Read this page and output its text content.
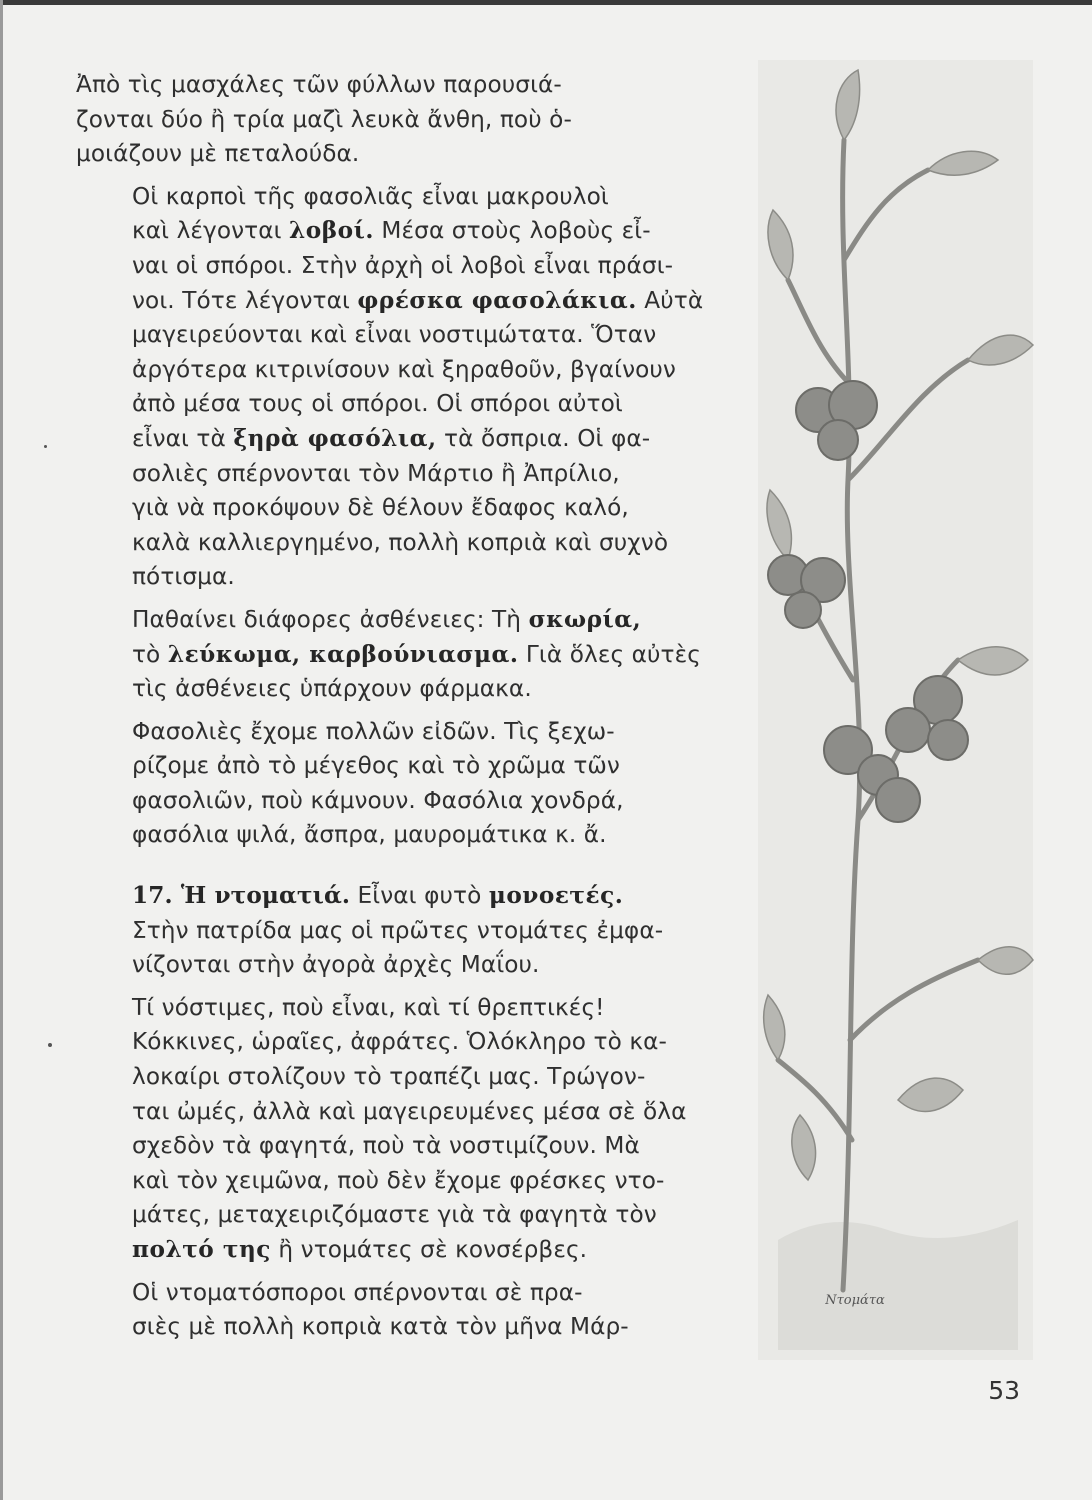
Ἀπὸ τὶς μασχάλες τῶν φύλλων παρουσιά-
ζονται δύο ἢ τρία μαζὶ λευκὰ ἄνθη, ποὺ ὁ-
μοιάζουν μὲ πεταλούδα.

Οἱ καρποὶ τῆς φασολιᾶς εἶναι μακρουλοὶ
καὶ λέγονται λοβοί. Μέσα στοὺς λοβοὺς εἶ-
ναι οἱ σπόροι. Στὴν ἀρχὴ οἱ λοβοὶ εἶναι πράσι-
νοι. Τότε λέγονται φρέσκα φασολάκια. Αὐτὰ
μαγειρεύονται καὶ εἶναι νοστιμώτατα. Ὅταν
ἀργότερα κιτρινίσουν καὶ ξηραθοῦν, βγαίνουν
ἀπὸ μέσα τους οἱ σπόροι. Οἱ σπόροι αὐτοὶ
εἶναι τὰ ξηρὰ φασόλια, τὰ ὄσπρια. Οἱ φα-
σολιὲς σπέρνονται τὸν Μάρτιο ἢ Ἀπρίλιο,
γιὰ νὰ προκόψουν δὲ θέλουν ἔδαφος καλό,
καλὰ καλλιεργημένο, πολλὴ κοπριὰ καὶ συχνὸ
πότισμα.

Παθαίνει διάφορες ἀσθένειες: Τὴ σκωρία,
τὸ λεύκωμα, καρβούνιασμα. Γιὰ ὅλες αὐτὲς
τὶς ἀσθένειες ὑπάρχουν φάρμακα.

Φασολιὲς ἔχομε πολλῶν εἰδῶν. Τὶς ξεχω-
ρίζομε ἀπὸ τὸ μέγεθος καὶ τὸ χρῶμα τῶν
φασολιῶν, ποὺ κάμνουν. Φασόλια χονδρά,
φασόλια ψιλά, ἄσπρα, μαυρομάτικα κ. ἄ.

17. Ἡ ντοματιά. Εἶναι φυτὸ μονοετές.
Στὴν πατρίδα μας οἱ πρῶτες ντομάτες ἐμφα-
νίζονται στὴν ἀγορὰ ἀρχὲς Μαΐου.

Τί νόστιμες, ποὺ εἶναι, καὶ τί θρεπτικές!
Κόκκινες, ὡραῖες, ἀφράτες. Ὁλόκληρο τὸ κα-
λοκαίρι στολίζουν τὸ τραπέζι μας. Τρώγον-
ται ὠμές, ἀλλὰ καὶ μαγειρευμένες μέσα σὲ ὅλα
σχεδὸν τὰ φαγητά, ποὺ τὰ νοστιμίζουν. Μὰ
καὶ τὸν χειμῶνα, ποὺ δὲν ἔχομε φρέσκες ντο-
μάτες, μεταχειριζόμαστε γιὰ τὰ φαγητὰ τὸν
πολτό της ἢ ντομάτες σὲ κονσέρβες.

Οἱ ντοματόσποροι σπέρνονται σὲ πρα-
σιὲς μὲ πολλὴ κοπριὰ κατὰ τὸν μῆνα Μάρ-

Ντομάτα
53
